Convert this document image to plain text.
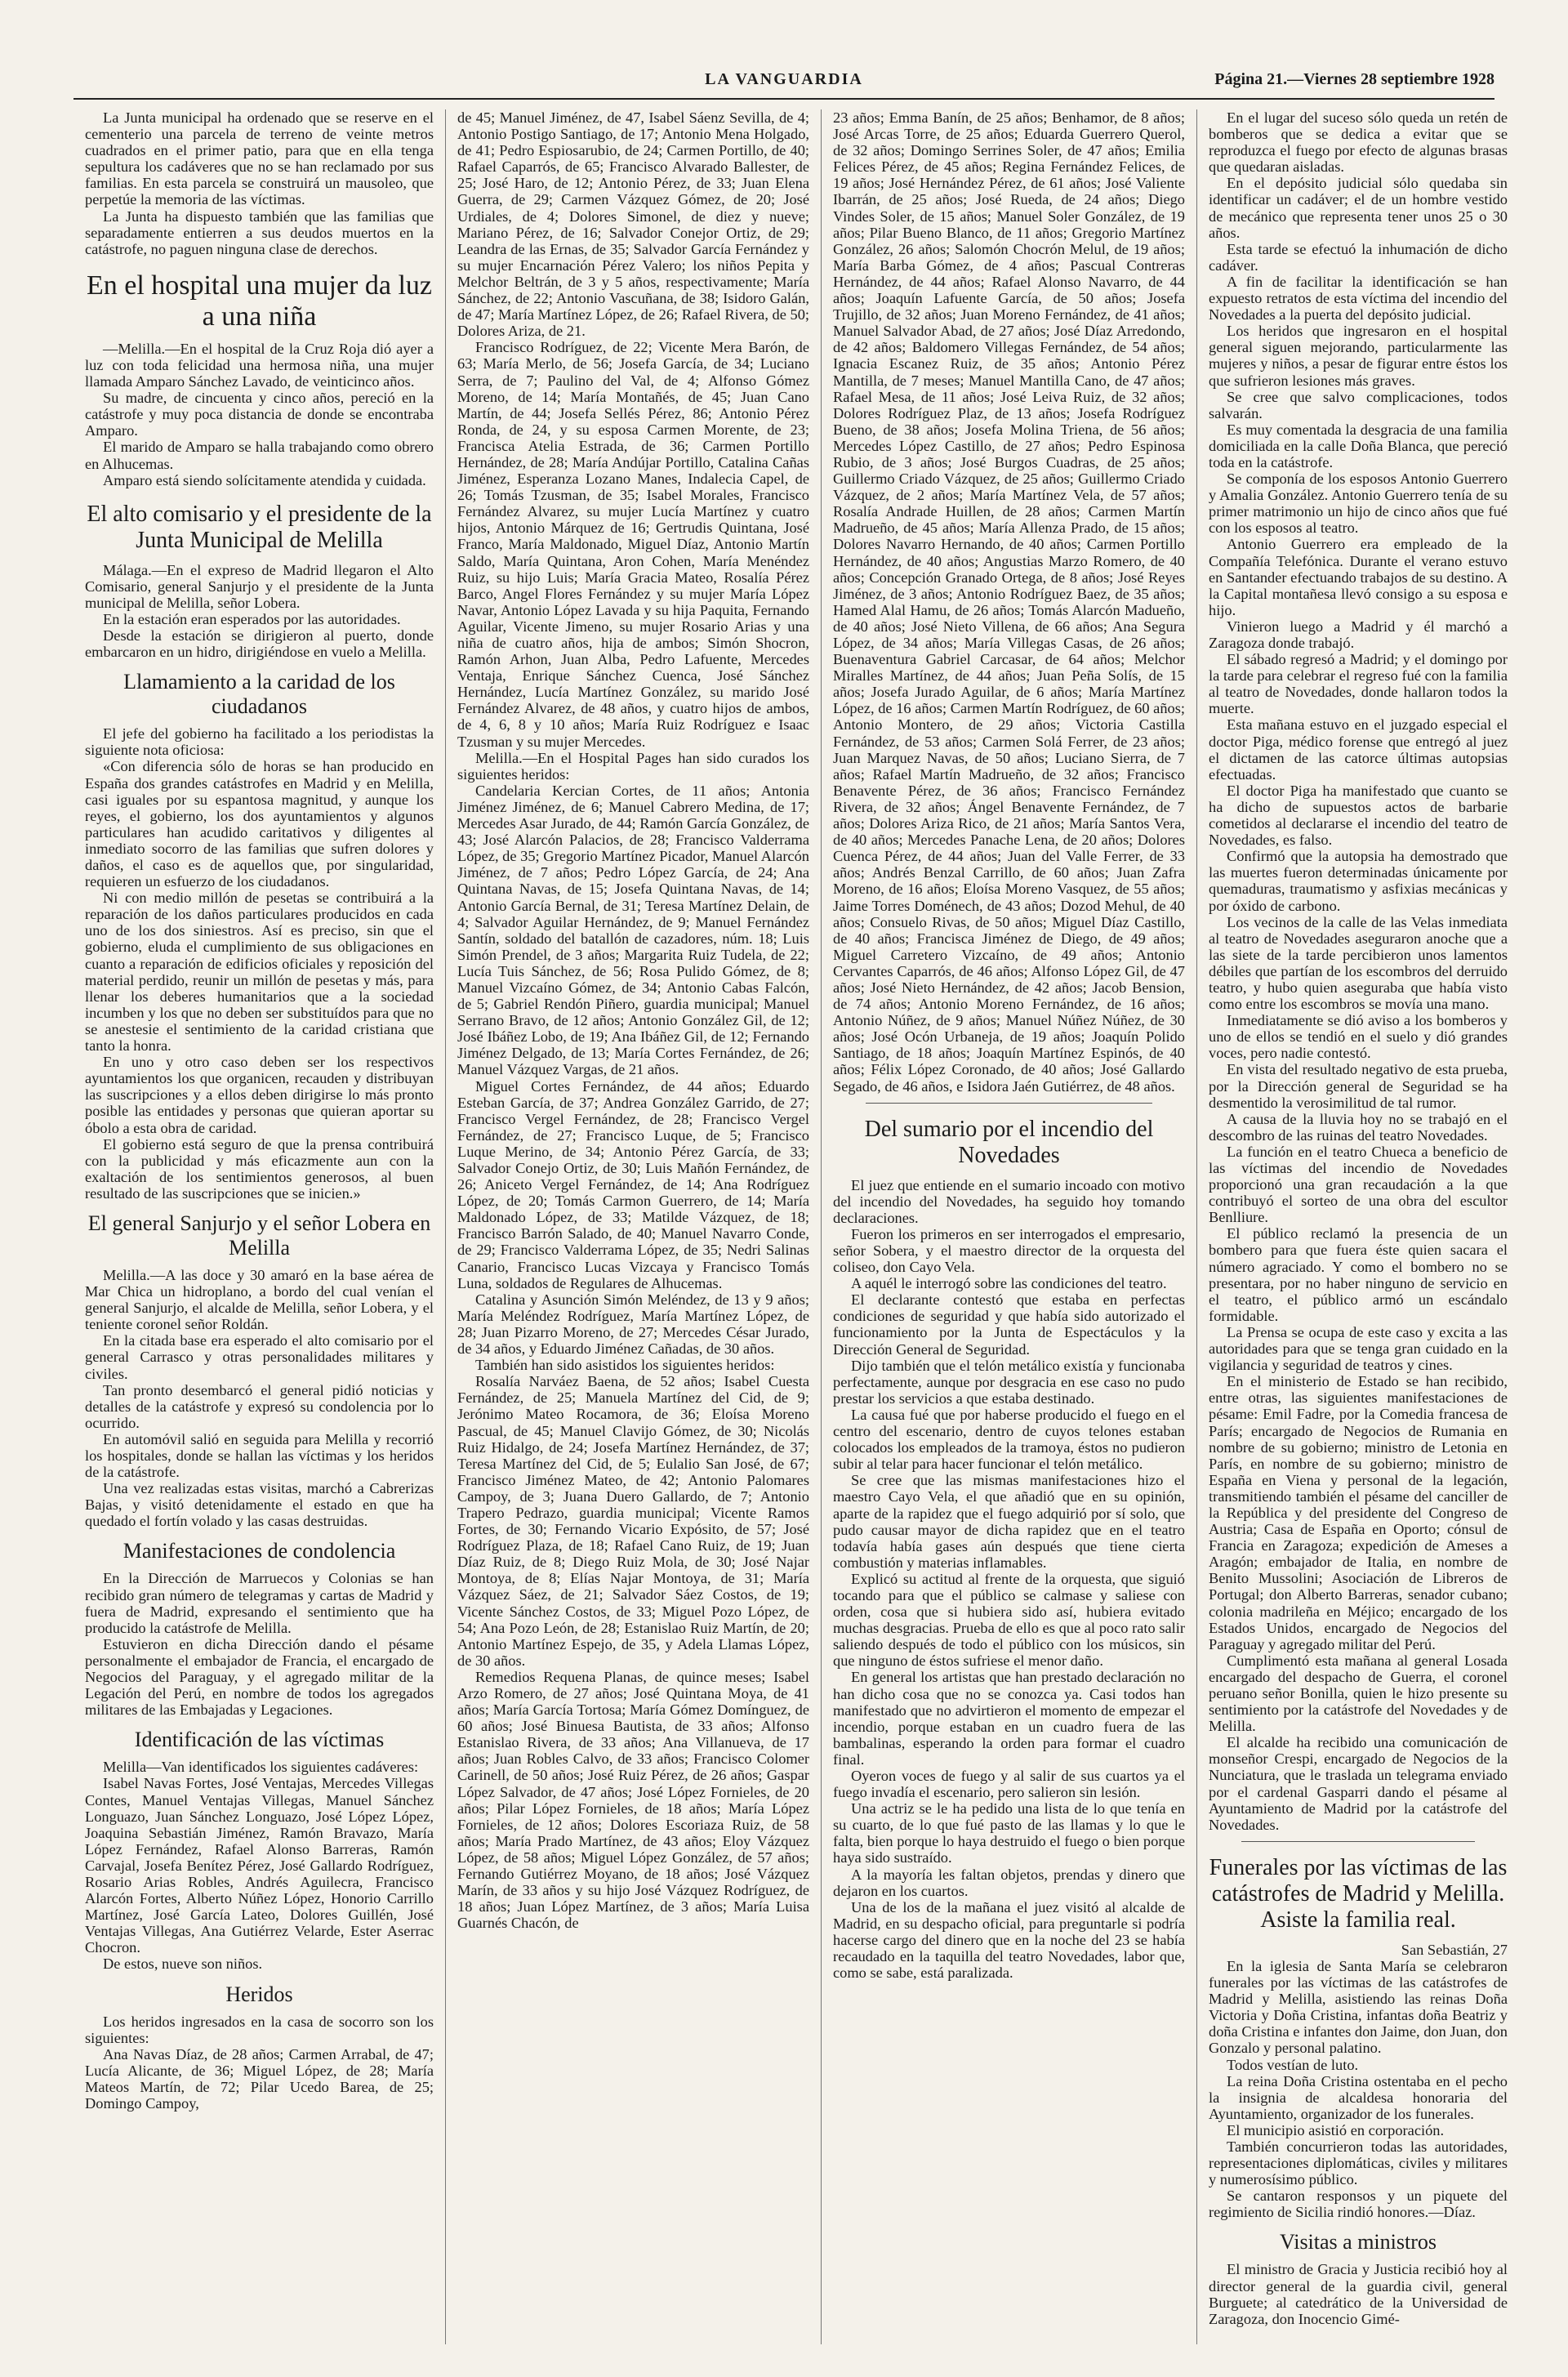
LA VANGUARDIA	Página 21.—Viernes 28 septiembre 1928

La Junta municipal ha ordenado que se reserve en el cementerio una parcela de terreno de veinte metros cuadrados en el primer patio, para que en ella tenga sepultura los cadáveres que no se han reclamado por sus familias. En esta parcela se construirá un mausoleo, que perpetúe la memoria de las víctimas.

La Junta ha dispuesto también que las familias que separadamente entierren a sus deudos muertos en la catástrofe, no paguen ninguna clase de derechos.

En el hospital una mujer da luz a una niña

—Melilla.—En el hospital de la Cruz Roja dió ayer a luz con toda felicidad una hermosa niña, una mujer llamada Amparo Sánchez Lavado, de veinticinco años.

Su madre, de cincuenta y cinco años, pereció en la catástrofe y muy poca distancia de donde se encontraba Amparo.

El marido de Amparo se halla trabajando como obrero en Alhucemas.

Amparo está siendo solícitamente atendida y cuidada.

El alto comisario y el presidente de la Junta Municipal de Melilla

Málaga.—En el expreso de Madrid llegaron el Alto Comisario, general Sanjurjo y el presidente de la Junta municipal de Melilla, señor Lobera.

En la estación eran esperados por las autoridades.

Desde la estación se dirigieron al puerto, donde embarcaron en un hidro, dirigiéndose en vuelo a Melilla.

Llamamiento a la caridad de los ciudadanos

El jefe del gobierno ha facilitado a los periodistas la siguiente nota oficiosa:

«Con diferencia sólo de horas se han producido en España dos grandes catástrofes en Madrid y en Melilla, casi iguales por su espantosa magnitud, y aunque los reyes, el gobierno, los dos ayuntamientos y algunos particulares han acudido caritativos y diligentes al inmediato socorro de las familias que sufren dolores y daños, el caso es de aquellos que, por singularidad, requieren un esfuerzo de los ciudadanos.

Ni con medio millón de pesetas se contribuirá a la reparación de los daños particulares producidos en cada uno de los dos siniestros. Así es preciso, sin que el gobierno, eluda el cumplimiento de sus obligaciones en cuanto a reparación de edificios oficiales y reposición del material perdido, reunir un millón de pesetas y más, para llenar los deberes humanitarios que a la sociedad incumben y los que no deben ser substituídos para que no se anestesie el sentimiento de la caridad cristiana que tanto la honra.

En uno y otro caso deben ser los respectivos ayuntamientos los que organicen, recauden y distribuyan las suscripciones y a ellos deben dirigirse lo más pronto posible las entidades y personas que quieran aportar su óbolo a esta obra de caridad.

El gobierno está seguro de que la prensa contribuirá con la publicidad y más eficazmente aun con la exaltación de los sentimientos generosos, al buen resultado de las suscripciones que se inicien.»

El general Sanjurjo y el señor Lobera en Melilla

Melilla.—A las doce y 30 amaró en la base aérea de Mar Chica un hidroplano, a bordo del cual venían el general Sanjurjo, el alcalde de Melilla, señor Lobera, y el teniente coronel señor Roldán.

En la citada base era esperado el alto comisario por el general Carrasco y otras personalidades militares y civiles.

Tan pronto desembarcó el general pidió noticias y detalles de la catástrofe y expresó su condolencia por lo ocurrido.

En automóvil salió en seguida para Melilla y recorrió los hospitales, donde se hallan las víctimas y los heridos de la catástrofe.

Una vez realizadas estas visitas, marchó a Cabrerizas Bajas, y visitó detenidamente el estado en que ha quedado el fortín volado y las casas destruidas.

Manifestaciones de condolencia

En la Dirección de Marruecos y Colonias se han recibido gran número de telegramas y cartas de Madrid y fuera de Madrid, expresando el sentimiento que ha producido la catástrofe de Melilla.

Estuvieron en dicha Dirección dando el pésame personalmente el embajador de Francia, el encargado de Negocios del Paraguay, y el agregado militar de la Legación del Perú, en nombre de todos los agregados militares de las Embajadas y Legaciones.

Identificación de las víctimas

Melilla—Van identificados los siguientes cadáveres:

Isabel Navas Fortes, José Ventajas, Mercedes Villegas Contes, Manuel Ventajas Villegas, Manuel Sánchez Longuazo, Juan Sánchez Longuazo, José López López, Joaquina Sebastián Jiménez, Ramón Bravazo, María López Fernández, Rafael Alonso Barreras, Ramón Carvajal, Josefa Benítez Pérez, José Gallardo Rodríguez, Rosario Arias Robles, Andrés Aguilecra, Francisco Alarcón Fortes, Alberto Núñez López, Honorio Carrillo Martínez, José García Lateo, Dolores Guillén, José Ventajas Villegas, Ana Gutiérrez Velarde, Ester Aserrac Chocron.

De estos, nueve son niños.

Heridos

Los heridos ingresados en la casa de socorro son los siguientes:

Ana Navas Díaz, de 28 años; Carmen Arrabal, de 47; Lucía Alicante, de 36; Miguel López, de 28; María Mateos Martín, de 72; Pilar Ucedo Barea, de 25; Domingo Campoy,

de 45; Manuel Jiménez, de 47, Isabel Sáenz Sevilla, de 4; Antonio Postigo Santiago, de 17; Antonio Mena Holgado, de 41; Pedro Espiosarubio, de 24; Carmen Portillo, de 40; Rafael Caparrós, de 65; Francisco Alvarado Ballester, de 25; José Haro, de 12; Antonio Pérez, de 33; Juan Elena Guerra, de 29; Carmen Vázquez Gómez, de 20; José Urdiales, de 4; Dolores Simonel, de diez y nueve; Mariano Pérez, de 16; Salvador Conejor Ortiz, de 29; Leandra de las Ernas, de 35; Salvador García Fernández y su mujer Encarnación Pérez Valero; los niños Pepita y Melchor Beltrán, de 3 y 5 años, respectivamente; María Sánchez, de 22; Antonio Vascuñana, de 38; Isidoro Galán, de 47; María Martínez López, de 26; Rafael Rivera, de 50; Dolores Ariza, de 21.

Francisco Rodríguez, de 22; Vicente Mera Barón, de 63; María Merlo, de 56; Josefa García, de 34; Luciano Serra, de 7; Paulino del Val, de 4; Alfonso Gómez Moreno, de 14; María Montañés, de 45; Juan Cano Martín, de 44; Josefa Sellés Pérez, 86; Antonio Pérez Ronda, de 24, y su esposa Carmen Morente, de 23; Francisca Atelia Estrada, de 36; Carmen Portillo Hernández, de 28; María Andújar Portillo, Catalina Cañas Jiménez, Esperanza Lozano Manes, Indalecia Capel, de 26; Tomás Tzusman, de 35; Isabel Morales, Francisco Fernández Alvarez, su mujer Lucía Martínez y cuatro hijos, Antonio Márquez de 16; Gertrudis Quintana, José Franco, María Maldonado, Miguel Díaz, Antonio Martín Saldo, María Quintana, Aron Cohen, María Menéndez Ruiz, su hijo Luis; María Gracia Mateo, Rosalía Pérez Barco, Angel Flores Fernández y su mujer María López Navar, Antonio López Lavada y su hija Paquita, Fernando Aguilar, Vicente Jimeno, su mujer Rosario Arias y una niña de cuatro años, hija de ambos; Simón Shocron, Ramón Arhon, Juan Alba, Pedro Lafuente, Mercedes Ventaja, Enrique Sánchez Cuenca, José Sánchez Hernández, Lucía Martínez González, su marido José Fernández Alvarez, de 48 años, y cuatro hijos de ambos, de 4, 6, 8 y 10 años; María Ruiz Rodríguez e Isaac Tzusman y su mujer Mercedes.

Melilla.—En el Hospital Pages han sido curados los siguientes heridos:

Candelaria Kercian Cortes, de 11 años; Antonia Jiménez Jiménez, de 6; Manuel Cabrero Medina, de 17; Mercedes Asar Jurado, de 44; Ramón García González, de 43; José Alarcón Palacios, de 28; Francisco Valderrama López, de 35; Gregorio Martínez Picador, Manuel Alarcón Jiménez, de 7 años; Pedro López García, de 24; Ana Quintana Navas, de 15; Josefa Quintana Navas, de 14; Antonio García Bernal, de 31; Teresa Martínez Delain, de 4; Salvador Aguilar Hernández, de 9; Manuel Fernández Santín, soldado del batallón de cazadores, núm. 18; Luis Simón Prendel, de 3 años; Margarita Ruiz Tudela, de 22; Lucía Tuis Sánchez, de 56; Rosa Pulido Gómez, de 8; Manuel Vizcaíno Gómez, de 34; Antonio Cabas Falcón, de 5; Gabriel Rendón Piñero, guardia municipal; Manuel Serrano Bravo, de 12 años; Antonio González Gil, de 12; José Ibáñez Lobo, de 19; Ana Ibáñez Gil, de 12; Fernando Jiménez Delgado, de 13; María Cortes Fernández, de 26; Manuel Vázquez Vargas, de 21 años.

Miguel Cortes Fernández, de 44 años; Eduardo Esteban García, de 37; Andrea González Garrido, de 27; Francisco Vergel Fernández, de 28; Francisco Vergel Fernández, de 27; Francisco Luque, de 5; Francisco Luque Merino, de 34; Antonio Pérez García, de 33; Salvador Conejo Ortiz, de 30; Luis Mañón Fernández, de 26; Aniceto Vergel Fernández, de 14; Ana Rodríguez López, de 20; Tomás Carmon Guerrero, de 14; María Maldonado López, de 33; Matilde Vázquez, de 18; Francisco Barrón Salado, de 40; Manuel Navarro Conde, de 29; Francisco Valderrama López, de 35; Nedri Salinas Canario, Francisco Lucas Vizcaya y Francisco Tomás Luna, soldados de Regulares de Alhucemas.

Catalina y Asunción Simón Meléndez, de 13 y 9 años; María Meléndez Rodríguez, María Martínez López, de 28; Juan Pizarro Moreno, de 27; Mercedes César Jurado, de 34 años, y Eduardo Jiménez Cañadas, de 30 años.

También han sido asistidos los siguientes heridos:

Rosalía Narváez Baena, de 52 años; Isabel Cuesta Fernández, de 25; Manuela Martínez del Cid, de 9; Jerónimo Mateo Rocamora, de 36; Eloísa Moreno Pascual, de 45; Manuel Clavijo Gómez, de 30; Nicolás Ruiz Hidalgo, de 24; Josefa Martínez Hernández, de 37; Teresa Martínez del Cid, de 5; Eulalio San José, de 67; Francisco Jiménez Mateo, de 42; Antonio Palomares Campoy, de 3; Juana Duero Gallardo, de 7; Antonio Trapero Pedrazo, guardia municipal; Vicente Ramos Fortes, de 30; Fernando Vicario Expósito, de 57; José Rodríguez Plaza, de 18; Rafael Cano Ruiz, de 19; Juan Díaz Ruiz, de 8; Diego Ruiz Mola, de 30; José Najar Montoya, de 8; Elías Najar Montoya, de 31; María Vázquez Sáez, de 21; Salvador Sáez Costos, de 19; Vicente Sánchez Costos, de 33; Miguel Pozo López, de 54; Ana Pozo León, de 28; Estanislao Ruiz Martín, de 20; Antonio Martínez Espejo, de 35, y Adela Llamas López, de 30 años.

Remedios Requena Planas, de quince meses; Isabel Arzo Romero, de 27 años; José Quintana Moya, de 41 años; María García Tortosa; María Gómez Domínguez, de 60 años; José Binuesa Bautista, de 33 años; Alfonso Estanislao Rivera, de 33 años; Ana Villanueva, de 17 años; Juan Robles Calvo, de 33 años; Francisco Colomer Carinell, de 50 años; José Ruiz Pérez, de 26 años; Gaspar López Salvador, de 47 años; José López Fornieles, de 20 años; Pilar López Fornieles, de 18 años; María López Fornieles, de 12 años; Dolores Escoriaza Ruiz, de 58 años; María Prado Martínez, de 43 años; Eloy Vázquez López, de 58 años; Miguel López González, de 57 años; Fernando Gutiérrez Moyano, de 18 años; José Vázquez Marín, de 33 años y su hijo José Vázquez Rodríguez, de 18 años; Juan López Martínez, de 3 años; María Luisa Guarnés Chacón, de

23 años; Emma Banín, de 25 años; Benhamor, de 8 años; José Arcas Torre, de 25 años; Eduarda Guerrero Querol, de 32 años; Domingo Serrines Soler, de 47 años; Emilia Felices Pérez, de 45 años; Regina Fernández Felices, de 19 años; José Hernández Pérez, de 61 años; José Valiente Ibarrán, de 25 años; José Rueda, de 24 años; Diego Vindes Soler, de 15 años; Manuel Soler González, de 19 años; Pilar Bueno Blanco, de 11 años; Gregorio Martínez González, 26 años; Salomón Chocrón Melul, de 19 años; María Barba Gómez, de 4 años; Pascual Contreras Hernández, de 44 años; Rafael Alonso Navarro, de 44 años; Joaquín Lafuente García, de 50 años; Josefa Trujillo, de 32 años; Juan Moreno Fernández, de 41 años; Manuel Salvador Abad, de 27 años; José Díaz Arredondo, de 42 años; Baldomero Villegas Fernández, de 54 años; Ignacia Escanez Ruiz, de 35 años; Antonio Pérez Mantilla, de 7 meses; Manuel Mantilla Cano, de 47 años; Rafael Mesa, de 11 años; José Leiva Ruiz, de 32 años; Dolores Rodríguez Plaz, de 13 años; Josefa Rodríguez Bueno, de 38 años; Josefa Molina Triena, de 56 años; Mercedes López Castillo, de 27 años; Pedro Espinosa Rubio, de 3 años; José Burgos Cuadras, de 25 años; Guillermo Criado Vázquez, de 25 años; Guillermo Criado Vázquez, de 2 años; María Martínez Vela, de 57 años; Rosalía Andrade Huillen, de 28 años; Carmen Martín Madrueño, de 45 años; María Allenza Prado, de 15 años; Dolores Navarro Hernando, de 40 años; Carmen Portillo Hernández, de 40 años; Angustias Marzo Romero, de 40 años; Concepción Granado Ortega, de 8 años; José Reyes Jiménez, de 3 años; Antonio Rodríguez Baez, de 35 años; Hamed Alal Hamu, de 26 años; Tomás Alarcón Madueño, de 40 años; José Nieto Villena, de 66 años; Ana Segura López, de 34 años; María Villegas Casas, de 26 años; Buenaventura Gabriel Carcasar, de 64 años; Melchor Miralles Martínez, de 44 años; Juan Peña Solís, de 15 años; Josefa Jurado Aguilar, de 6 años; María Martínez López, de 16 años; Carmen Martín Rodríguez, de 60 años; Antonio Montero, de 29 años; Victoria Castilla Fernández, de 53 años; Carmen Solá Ferrer, de 23 años; Juan Marquez Navas, de 50 años; Luciano Sierra, de 7 años; Rafael Martín Madrueño, de 32 años; Francisco Benavente Pérez, de 36 años; Francisco Fernández Rivera, de 32 años; Ángel Benavente Fernández, de 7 años; Dolores Ariza Rico, de 21 años; María Santos Vera, de 40 años; Mercedes Panache Lena, de 20 años; Dolores Cuenca Pérez, de 44 años; Juan del Valle Ferrer, de 33 años; Andrés Benzal Carrillo, de 60 años; Juan Zafra Moreno, de 16 años; Eloísa Moreno Vasquez, de 55 años; Jaime Torres Doménech, de 43 años; Dozod Mehul, de 40 años; Consuelo Rivas, de 50 años; Miguel Díaz Castillo, de 40 años; Francisca Jiménez de Diego, de 49 años; Miguel Carretero Vizcaíno, de 49 años; Antonio Cervantes Caparrós, de 46 años; Alfonso López Gil, de 47 años; José Nieto Hernández, de 42 años; Jacob Bension, de 74 años; Antonio Moreno Fernández, de 16 años; Antonio Núñez, de 9 años; Manuel Núñez Núñez, de 30 años; José Ocón Urbaneja, de 19 años; Joaquín Polido Santiago, de 18 años; Joaquín Martínez Espinós, de 40 años; Félix López Coronado, de 40 años; José Gallardo Segado, de 46 años, e Isidora Jaén Gutiérrez, de 48 años.

Del sumario por el incendio del Novedades

El juez que entiende en el sumario incoado con motivo del incendio del Novedades, ha seguido hoy tomando declaraciones.

Fueron los primeros en ser interrogados el empresario, señor Sobera, y el maestro director de la orquesta del coliseo, don Cayo Vela.

A aquél le interrogó sobre las condiciones del teatro.

El declarante contestó que estaba en perfectas condiciones de seguridad y que había sido autorizado el funcionamiento por la Junta de Espectáculos y la Dirección General de Seguridad.

Dijo también que el telón metálico existía y funcionaba perfectamente, aunque por desgracia en ese caso no pudo prestar los servicios a que estaba destinado.

La causa fué que por haberse producido el fuego en el centro del escenario, dentro de cuyos telones estaban colocados los empleados de la tramoya, éstos no pudieron subir al telar para hacer funcionar el telón metálico.

Se cree que las mismas manifestaciones hizo el maestro Cayo Vela, el que añadió que en su opinión, aparte de la rapidez que el fuego adquirió por sí solo, que pudo causar mayor de dicha rapidez que en el teatro todavía había gases aún después que tiene cierta combustión y materias inflamables.

Explicó su actitud al frente de la orquesta, que siguió tocando para que el público se calmase y saliese con orden, cosa que si hubiera sido así, hubiera evitado muchas desgracias. Prueba de ello es que al poco rato salir saliendo después de todo el público con los músicos, sin que ninguno de éstos sufriese el menor daño.

En general los artistas que han prestado declaración no han dicho cosa que no se conozca ya. Casi todos han manifestado que no advirtieron el momento de empezar el incendio, porque estaban en un cuadro fuera de las bambalinas, esperando la orden para formar el cuadro final.

Oyeron voces de fuego y al salir de sus cuartos ya el fuego invadía el escenario, pero salieron sin lesión.

Una actriz se le ha pedido una lista de lo que tenía en su cuarto, de lo que fué pasto de las llamas y lo que le falta, bien porque lo haya destruido el fuego o bien porque haya sido sustraído.

A la mayoría les faltan objetos, prendas y dinero que dejaron en los cuartos.

Una de los de la mañana el juez visitó al alcalde de Madrid, en su despacho oficial, para preguntarle si podría hacerse cargo del dinero que en la noche del 23 se había recaudado en la taquilla del teatro Novedades, labor que, como se sabe, está paralizada.

En el lugar del suceso sólo queda un retén de bomberos que se dedica a evitar que se reproduzca el fuego por efecto de algunas brasas que quedaran aisladas.

En el depósito judicial sólo quedaba sin identificar un cadáver; el de un hombre vestido de mecánico que representa tener unos 25 o 30 años.

Esta tarde se efectuó la inhumación de dicho cadáver.

A fin de facilitar la identificación se han expuesto retratos de esta víctima del incendio del Novedades a la puerta del depósito judicial.

Los heridos que ingresaron en el hospital general siguen mejorando, particularmente las mujeres y niños, a pesar de figurar entre éstos los que sufrieron lesiones más graves.

Se cree que salvo complicaciones, todos salvarán.

Es muy comentada la desgracia de una familia domiciliada en la calle Doña Blanca, que pereció toda en la catástrofe.

Se componía de los esposos Antonio Guerrero y Amalia González. Antonio Guerrero tenía de su primer matrimonio un hijo de cinco años que fué con los esposos al teatro.

Antonio Guerrero era empleado de la Compañía Telefónica. Durante el verano estuvo en Santander efectuando trabajos de su destino. A la Capital montañesa llevó consigo a su esposa e hijo.

Vinieron luego a Madrid y él marchó a Zaragoza donde trabajó.

El sábado regresó a Madrid; y el domingo por la tarde para celebrar el regreso fué con la familia al teatro de Novedades, donde hallaron todos la muerte.

Esta mañana estuvo en el juzgado especial el doctor Piga, médico forense que entregó al juez el dictamen de las catorce últimas autopsias efectuadas.

El doctor Piga ha manifestado que cuanto se ha dicho de supuestos actos de barbarie cometidos al declararse el incendio del teatro de Novedades, es falso.

Confirmó que la autopsia ha demostrado que las muertes fueron determinadas únicamente por quemaduras, traumatismo y asfixias mecánicas y por óxido de carbono.

Los vecinos de la calle de las Velas inmediata al teatro de Novedades aseguraron anoche que a las siete de la tarde percibieron unos lamentos débiles que partían de los escombros del derruido teatro, y hubo quien aseguraba que había visto como entre los escombros se movía una mano.

Inmediatamente se dió aviso a los bomberos y uno de ellos se tendió en el suelo y dió grandes voces, pero nadie contestó.

En vista del resultado negativo de esta prueba, por la Dirección general de Seguridad se ha desmentido la verosimilitud de tal rumor.

A causa de la lluvia hoy no se trabajó en el descombro de las ruinas del teatro Novedades.

La función en el teatro Chueca a beneficio de las víctimas del incendio de Novedades proporcionó una gran recaudación a la que contribuyó el sorteo de una obra del escultor Benlliure.

El público reclamó la presencia de un bombero para que fuera éste quien sacara el número agraciado. Y como el bombero no se presentara, por no haber ninguno de servicio en el teatro, el público armó un escándalo formidable.

La Prensa se ocupa de este caso y excita a las autoridades para que se tenga gran cuidado en la vigilancia y seguridad de teatros y cines.

En el ministerio de Estado se han recibido, entre otras, las siguientes manifestaciones de pésame: Emil Fadre, por la Comedia francesa de París; encargado de Negocios de Rumania en nombre de su gobierno; ministro de Letonia en París, en nombre de su gobierno; ministro de España en Viena y personal de la legación, transmitiendo también el pésame del canciller de la República y del presidente del Congreso de Austria; Casa de España en Oporto; cónsul de Francia en Zaragoza; expedición de Ameses a Aragón; embajador de Italia, en nombre de Benito Mussolini; Asociación de Libreros de Portugal; don Alberto Barreras, senador cubano; colonia madrileña en Méjico; encargado de los Estados Unidos, encargado de Negocios del Paraguay y agregado militar del Perú.

Cumplimentó esta mañana al general Losada encargado del despacho de Guerra, el coronel peruano señor Bonilla, quien le hizo presente su sentimiento por la catástrofe del Novedades y de Melilla.

El alcalde ha recibido una comunicación de monseñor Crespi, encargado de Negocios de la Nunciatura, que le traslada un telegrama enviado por el cardenal Gasparri dando el pésame al Ayuntamiento de Madrid por la catástrofe del Novedades.

Funerales por las víctimas de las catástrofes de Madrid y Melilla. Asiste la familia real.

San Sebastián, 27

En la iglesia de Santa María se celebraron funerales por las víctimas de las catástrofes de Madrid y Melilla, asistiendo las reinas Doña Victoria y Doña Cristina, infantas doña Beatriz y doña Cristina e infantes don Jaime, don Juan, don Gonzalo y personal palatino.

Todos vestían de luto.

La reina Doña Cristina ostentaba en el pecho la insignia de alcaldesa honoraria del Ayuntamiento, organizador de los funerales.

El municipio asistió en corporación.

También concurrieron todas las autoridades, representaciones diplomáticas, civiles y militares y numerosísimo público.

Se cantaron responsos y un piquete del regimiento de Sicilia rindió honores.—Díaz.

Visitas a ministros

El ministro de Gracia y Justicia recibió hoy al director general de la guardia civil, general Burguete; al catedrático de la Universidad de Zaragoza, don Inocencio Gimé-
